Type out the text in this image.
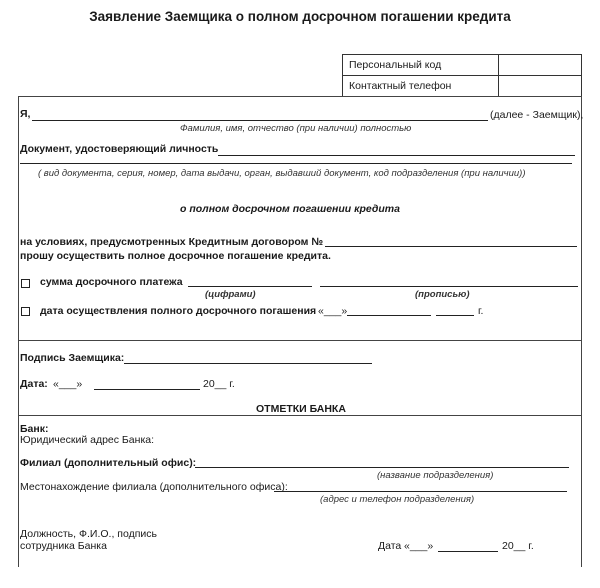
Заявление Заемщика о полном досрочном погашении кредита
Персональный код	
Контактный телефон	
Я,	(далее - Заемщик),
Фамилия, имя, отчество (при наличии) полностью
Документ, удостоверяющий личность
( вид документа, серия, номер, дата выдачи, орган, выдавший документ, код подразделения (при наличии))
о полном досрочном погашении кредита
на условиях, предусмотренных Кредитным договором №
прошу осуществить полное досрочное погашение кредита.
сумма досрочного платежа
(цифрами)	(прописью)
дата осуществления полного досрочного погашения «___»	г.
Подпись Заемщика:
Дата: «___»	20__ г.
ОТМЕТКИ БАНКА
Банк:
Юридический адрес Банка:
Филиал (дополнительный офис):
(название подразделения)
Местонахождение филиала (дополнительного офиса):
(адрес и телефон подразделения)
Должность, Ф.И.О., подпись
сотрудника Банка	Дата «___»	20__ г.
